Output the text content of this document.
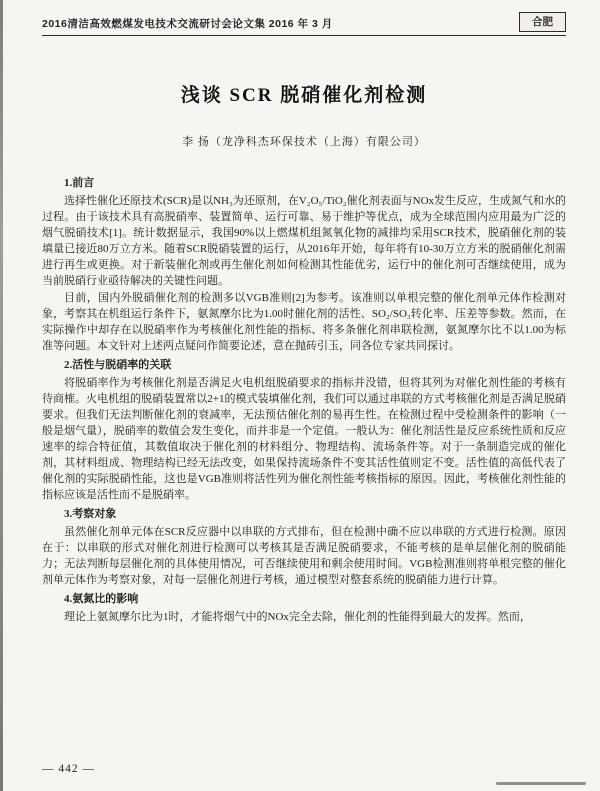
2016清洁高效燃煤发电技术交流研讨会论文集 2016 年 3 月	合肥
浅谈 SCR 脱硝催化剂检测
李 扬（龙净科杰环保技术（上海）有限公司）
1.前言

选择性催化还原技术(SCR)是以NH₃为还原剂，在V₂O₅/TiO₂催化剂表面与NOx发生反应，生成氮气和水的过程。由于该技术具有高脱硝率、装置简单、运行可靠、易于维护等优点，成为全球范围内应用最为广泛的烟气脱硝技术[1]。统计数据显示，我国90%以上燃煤机组氮氧化物的减排均采用SCR技术，脱硝催化剂的装填量已接近80万立方米。随着SCR脱硝装置的运行，从2016年开始，每年将有10-30万立方米的脱硝催化剂需进行再生或更换。对于新装催化剂或再生催化剂如何检测其性能优劣，运行中的催化剂可否继续使用，成为当前脱硝行业亟待解决的关键性问题。

目前，国内外脱硝催化剂的检测多以VGB准则[2]为参考。该准则以单根完整的催化剂单元体作检测对象，考察其在机组运行条件下，氨氮摩尔比为1.00时催化剂的活性、SO₂/SO₃转化率、压差等参数。然而，在实际操作中却存在以脱硝率作为考核催化剂性能的指标、将多条催化剂串联检测，氨氮摩尔比不以1.00为标准等问题。本文针对上述两点疑问作简要论述，意在抛砖引玉，同各位专家共同探讨。

2.活性与脱硝率的关联

将脱硝率作为考核催化剂是否满足火电机组脱硝要求的指标并没错，但将其列为对催化剂性能的考核有待商榷。火电机组的脱硝装置常以2+1的模式装填催化剂，我们可以通过串联的方式考核催化剂是否满足脱硝要求。但我们无法判断催化剂的衰减率，无法预估催化剂的易再生性。在检测过程中受检测条件的影响（一般是烟气量），脱硝率的数值会发生变化，而并非是一个定值。一般认为：催化剂活性是反应系统性质和反应速率的综合特征值，其数值取决于催化剂的材料组分、物理结构、流场条件等。对于一条制造完成的催化剂，其材料组成、物理结构已经无法改变，如果保持流场条件不变其活性值则定不变。活性值的高低代表了催化剂的实际脱硝性能，这也是VGB准则将活性列为催化剂性能考核指标的原因。因此，考核催化剂性能的指标应该是活性而不是脱硝率。

3.考察对象

虽然催化剂单元体在SCR反应器中以串联的方式排布，但在检测中确不应以串联的方式进行检测。原因在于：以串联的形式对催化剂进行检测可以考核其是否满足脱硝要求，不能考核的是单层催化剂的脱硝能力；无法判断每层催化剂的具体使用情况，可否继续使用和剩余使用时间。VGB检测准则将单根完整的催化剂单元体作为考察对象，对每一层催化剂进行考核，通过模型对整套系统的脱硝能力进行计算。

4.氨氮比的影响

理论上氨氮摩尔比为1时，才能将烟气中的NOx完全去除，催化剂的性能得到最大的发挥。然而，

— 442 —
